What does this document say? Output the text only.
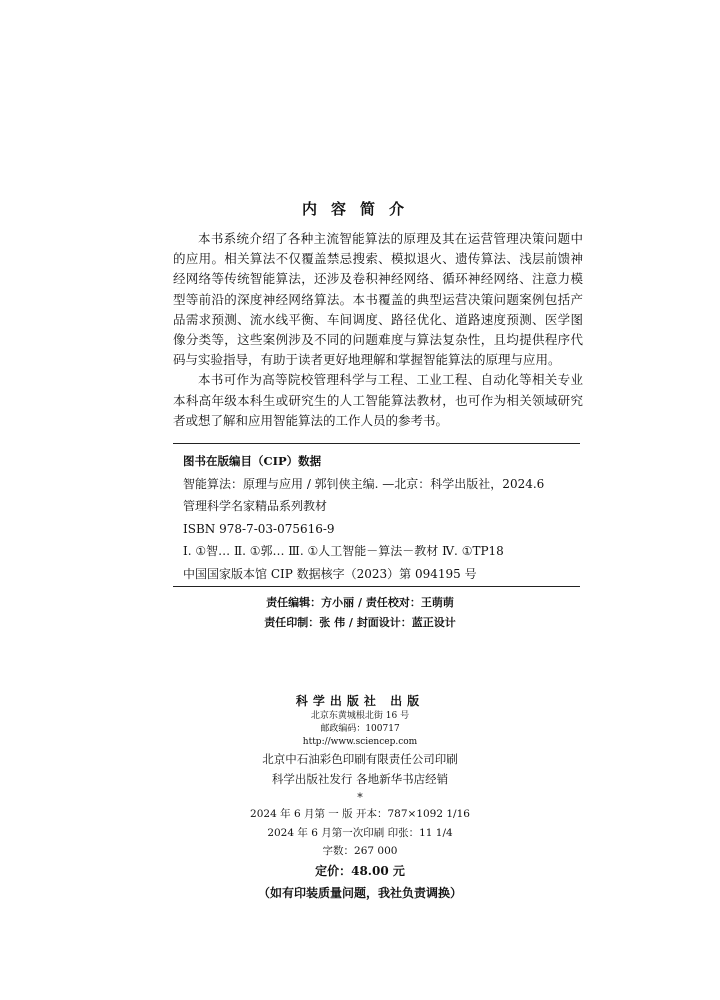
内容简介

本书系统介绍了各种主流智能算法的原理及其在运营管理决策问题中的应用。相关算法不仅覆盖禁忌搜索、模拟退火、遗传算法、浅层前馈神经网络等传统智能算法，还涉及卷积神经网络、循环神经网络、注意力模型等前沿的深度神经网络算法。本书覆盖的典型运营决策问题案例包括产品需求预测、流水线平衡、车间调度、路径优化、道路速度预测、医学图像分类等，这些案例涉及不同的问题难度与算法复杂性，且均提供程序代码与实验指导，有助于读者更好地理解和掌握智能算法的原理与应用。

本书可作为高等院校管理科学与工程、工业工程、自动化等相关专业本科高年级本科生或研究生的人工智能算法教材，也可作为相关领域研究者或想了解和应用智能算法的工作人员的参考书。

图书在版编目（CIP）数据
智能算法：原理与应用 / 郭钊侠主编. —北京：科学出版社，2024.6
管理科学名家精品系列教材
ISBN 978-7-03-075616-9
Ⅰ. ①智… Ⅱ. ①郭… Ⅲ. ①人工智能－算法－教材 Ⅳ. ①TP18
中国国家版本馆 CIP 数据核字（2023）第 094195 号
责任编辑：方小丽 / 责任校对：王萌萌
责任印制：张 伟 / 封面设计：蓝正设计
科学出版社 出版
北京东黄城根北街 16 号
邮政编码：100717
http://www.sciencep.com
北京中石油彩色印刷有限责任公司印刷
科学出版社发行 各地新华书店经销
*
2024 年 6 月第 一 版 开本：787×1092 1/16
2024 年 6 月第一次印刷 印张：11 1/4
字数：267 000
定价：48.00 元
（如有印装质量问题，我社负责调换）
